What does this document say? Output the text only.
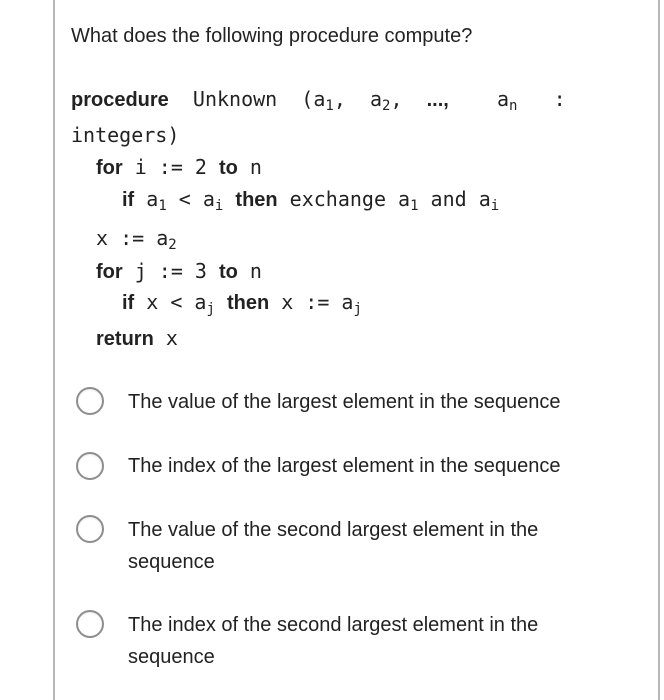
What does the following procedure compute?
procedure Unknown ($a_1$, $a_2$, ..., $a_n$ :
integers)
for i := 2 to n
if $a_1 < a_i$ then exchange $a_1$ and $a_i$
x := $a_2$
for j := 3 to n
if $x < a_j$ then x := $a_j$
return x
The value of the largest element in the sequence
The index of the largest element in the sequence
The value of the second largest element in the sequence
The index of the second largest element in the sequence
